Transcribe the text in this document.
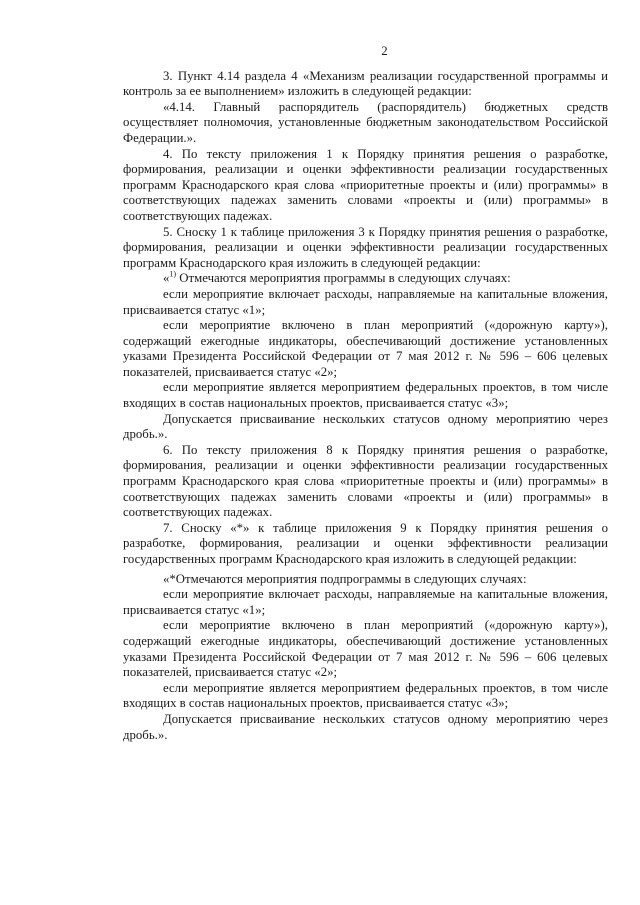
2

3. Пункт 4.14 раздела 4 «Механизм реализации государственной программы и контроль за ее выполнением» изложить в следующей редакции:

«4.14. Главный распорядитель (распорядитель) бюджетных средств осуществляет полномочия, установленные бюджетным законодательством Российской Федерации.».

4. По тексту приложения 1 к Порядку принятия решения о разработке, формирования, реализации и оценки эффективности реализации государственных программ Краснодарского края слова «приоритетные проекты и (или) программы» в соответствующих падежах заменить словами «проекты и (или) программы» в соответствующих падежах.

5. Сноску 1 к таблице приложения 3 к Порядку принятия решения о разработке, формирования, реализации и оценки эффективности реализации государственных программ Краснодарского края изложить в следующей редакции:

«$^{1)}$ Отмечаются мероприятия программы в следующих случаях:

если мероприятие включает расходы, направляемые на капитальные вложения, присваивается статус «1»;

если мероприятие включено в план мероприятий («дорожную карту»), содержащий ежегодные индикаторы, обеспечивающий достижение установленных указами Президента Российской Федерации от 7 мая 2012 г. № 596 – 606 целевых показателей, присваивается статус «2»;

если мероприятие является мероприятием федеральных проектов, в том числе входящих в состав национальных проектов, присваивается статус «3»;

Допускается присваивание нескольких статусов одному мероприятию через дробь.».

6. По тексту приложения 8 к Порядку принятия решения о разработке, формирования, реализации и оценки эффективности реализации государственных программ Краснодарского края слова «приоритетные проекты и (или) программы» в соответствующих падежах заменить словами «проекты и (или) программы» в соответствующих падежах.

7. Сноску «*» к таблице приложения 9 к Порядку принятия решения о разработке, формирования, реализации и оценки эффективности реализации государственных программ Краснодарского края изложить в следующей редакции:

«*Отмечаются мероприятия подпрограммы в следующих случаях:

если мероприятие включает расходы, направляемые на капитальные вложения, присваивается статус «1»;

если мероприятие включено в план мероприятий («дорожную карту»), содержащий ежегодные индикаторы, обеспечивающий достижение установленных указами Президента Российской Федерации от 7 мая 2012 г. № 596 – 606 целевых показателей, присваивается статус «2»;

если мероприятие является мероприятием федеральных проектов, в том числе входящих в состав национальных проектов, присваивается статус «3»;

Допускается присваивание нескольких статусов одному мероприятию через дробь.».
